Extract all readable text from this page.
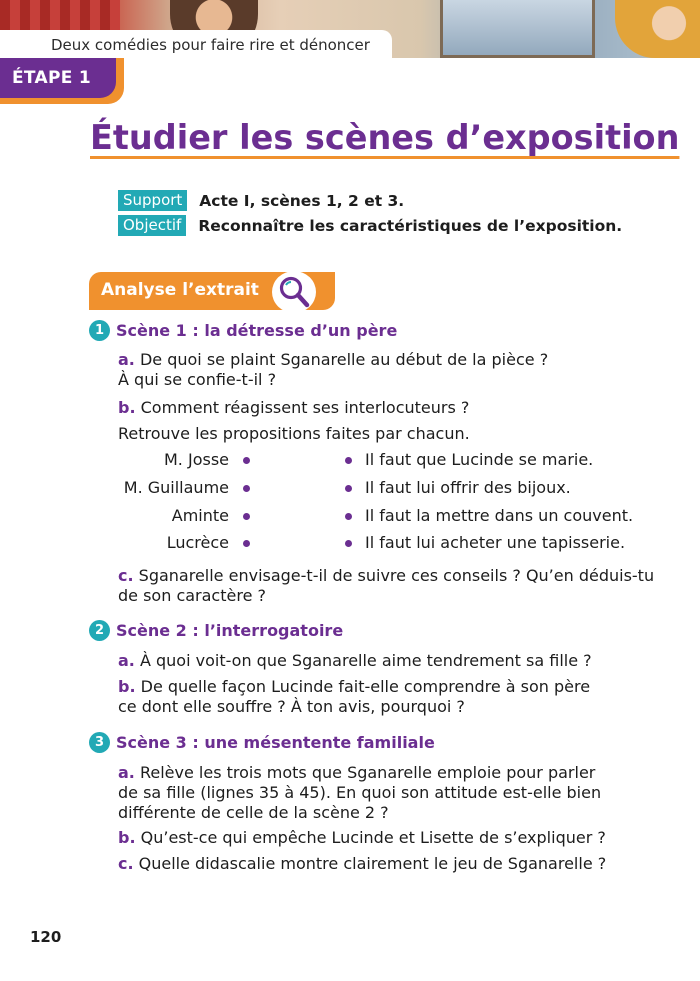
Deux comédies pour faire rire et dénoncer
ÉTAPE 1
Étudier les scènes d’exposition
Support	Acte I, scènes 1, 2 et 3.
Objectif	Reconnaître les caractéristiques de l’exposition.
Analyse l’extrait
1 Scène 1 : la détresse d’un père
a. De quoi se plaint Sganarelle au début de la pièce ?
À qui se confie-t-il ?
b. Comment réagissent ses interlocuteurs ?
Retrouve les propositions faites par chacun.
M. Josse
M. Guillaume
Aminte
Lucrèce
Il faut que Lucinde se marie.
Il faut lui offrir des bijoux.
Il faut la mettre dans un couvent.
Il faut lui acheter une tapisserie.
c. Sganarelle envisage-t-il de suivre ces conseils ? Qu’en déduis-tu
de son caractère ?
2 Scène 2 : l’interrogatoire
a. À quoi voit-on que Sganarelle aime tendrement sa fille ?
b. De quelle façon Lucinde fait-elle comprendre à son père
ce dont elle souffre ? À ton avis, pourquoi ?
3 Scène 3 : une mésentente familiale
a. Relève les trois mots que Sganarelle emploie pour parler
de sa fille (lignes 35 à 45). En quoi son attitude est-elle bien
différente de celle de la scène 2 ?
b. Qu’est-ce qui empêche Lucinde et Lisette de s’expliquer ?
c. Quelle didascalie montre clairement le jeu de Sganarelle ?
120
